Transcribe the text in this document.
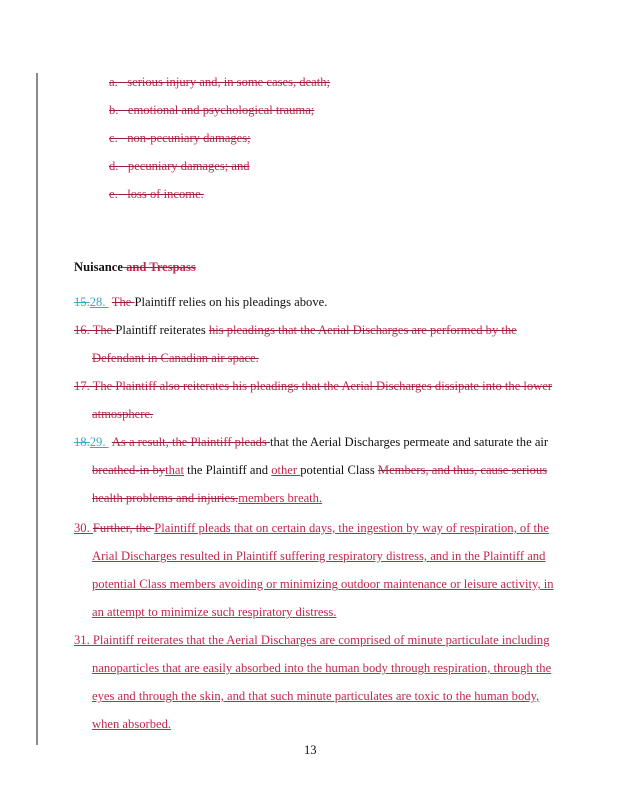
a. serious injury and, in some cases, death;
b. emotional and psychological trauma;
c. non-pecuniary damages;
d. pecuniary damages; and
e. loss of income.
Nuisance and Trespass
15.28.  The Plaintiff relies on his pleadings above.
16. The Plaintiff reiterates his pleadings that the Aerial Discharges are performed by the
Defendant in Canadian air space.
17. The Plaintiff also reiterates his pleadings that the Aerial Discharges dissipate into the lower
atmosphere.
18.29.  As a result, the Plaintiff pleads that the Aerial Discharges permeate and saturate the air
breathed-in bythat the Plaintiff and other potential Class Members, and thus, cause serious
health problems and injuries.members breath.
30. Further, the Plaintiff pleads that on certain days, the ingestion by way of respiration, of the
Arial Discharges resulted in Plaintiff suffering respiratory distress, and in the Plaintiff and
potential Class members avoiding or minimizing outdoor maintenance or leisure activity, in
an attempt to minimize such respiratory distress.
31. Plaintiff reiterates that the Aerial Discharges are comprised of minute particulate including
nanoparticles that are easily absorbed into the human body through respiration, through the
eyes and through the skin, and that such minute particulates are toxic to the human body,
when absorbed.
13
